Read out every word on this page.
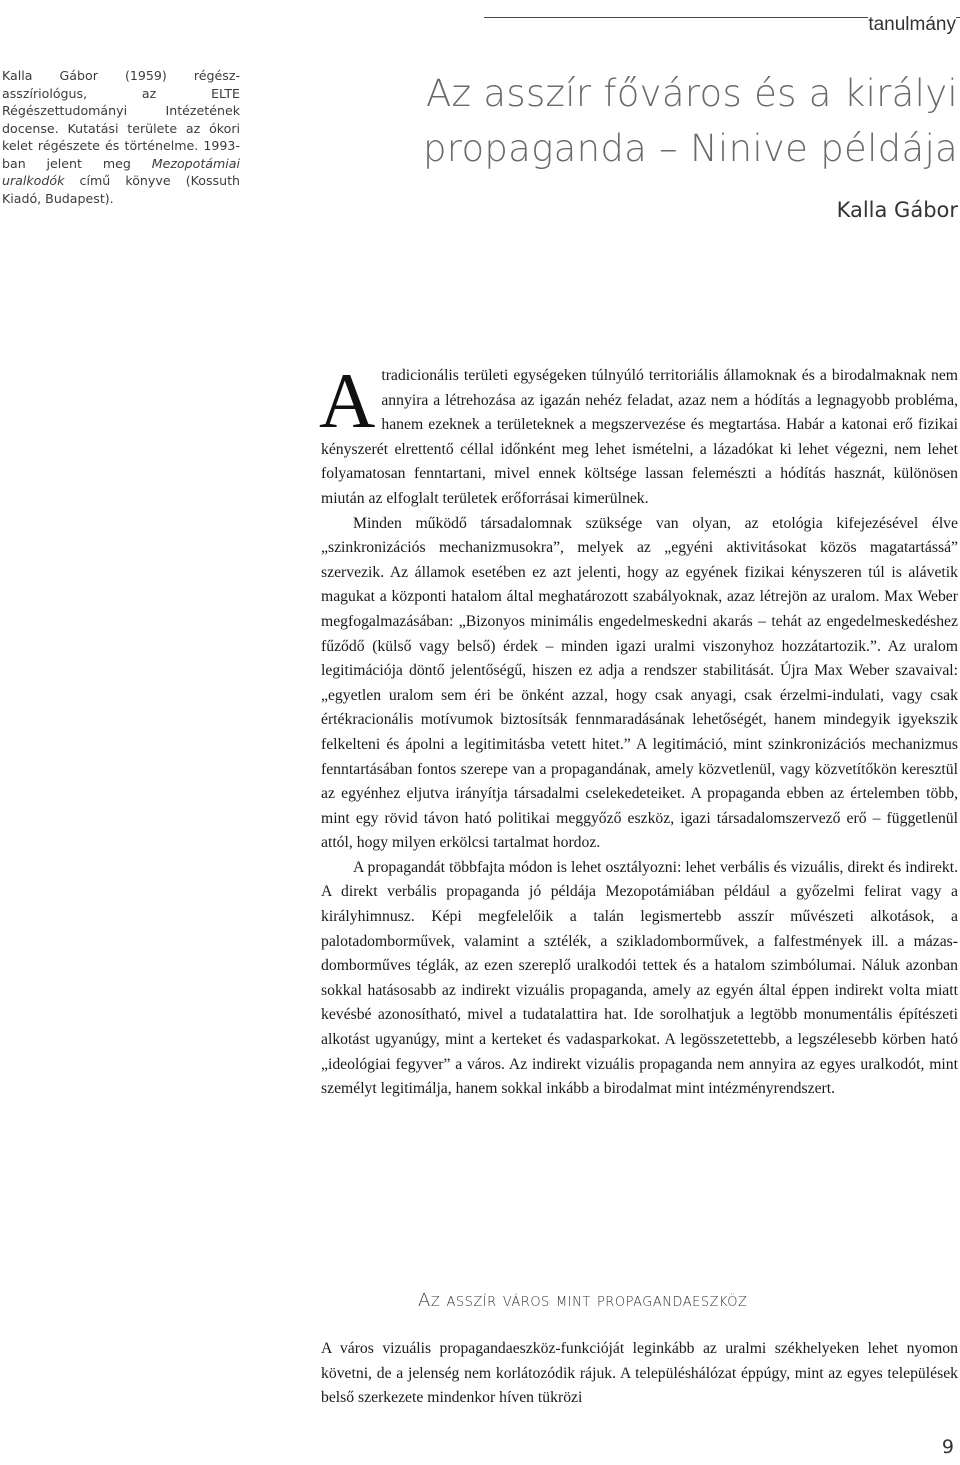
tanulmány
Kalla Gábor (1959) régész-asszíriológus, az ELTE Régészettudományi Intézetének docense. Kutatási területe az ókori kelet régészete és történelme. 1993-ban jelent meg Mezopotámiai uralkodók című könyve (Kossuth Kiadó, Budapest).
Az asszír főváros és a királyi propaganda – Ninive példája

Kalla Gábor

Atradicionális területi egységeken túlnyúló territoriális államoknak és a birodalmaknak nem annyira a létrehozása az igazán nehéz feladat, azaz nem a hódítás a legnagyobb probléma, hanem ezeknek a területeknek a megszervezése és megtartása. Habár a katonai erő fizikai kényszerét elrettentő céllal időnként meg lehet ismételni, a lázadókat ki lehet végezni, nem lehet folyamatosan fenntartani, mivel ennek költsége lassan felemészti a hódítás hasznát, különösen miután az elfoglalt területek erőforrásai kimerülnek.

Minden működő társadalomnak szüksége van olyan, az etológia kifejezésével élve „szinkronizációs mechanizmusokra”, melyek az „egyéni aktivitásokat közös magatartássá” szervezik. Az államok esetében ez azt jelenti, hogy az egyének fizikai kényszeren túl is alávetik magukat a központi hatalom által meghatározott szabályoknak, azaz létrejön az uralom. Max Weber megfogalmazásában: „Bizonyos minimális engedelmeskedni akarás – tehát az engedelmeskedéshez fűződő (külső vagy belső) érdek – minden igazi uralmi viszonyhoz hozzátartozik.”. Az uralom legitimációja döntő jelentőségű, hiszen ez adja a rendszer stabilitását. Újra Max Weber szavaival: „egyetlen uralom sem éri be önként azzal, hogy csak anyagi, csak érzelmi-indulati, vagy csak értékracionális motívumok biztosítsák fennmaradásának lehetőségét, hanem mindegyik igyekszik felkelteni és ápolni a legitimitásba vetett hitet.” A legitimáció, mint szinkronizációs mechanizmus fenntartásában fontos szerepe van a propagandának, amely közvetlenül, vagy közvetítőkön keresztül az egyénhez eljutva irányítja társadalmi cselekedeteiket. A propaganda ebben az értelemben több, mint egy rövid távon ható politikai meggyőző eszköz, igazi társadalomszervező erő – függetlenül attól, hogy milyen erkölcsi tartalmat hordoz.

A propagandát többfajta módon is lehet osztályozni: lehet verbális és vizuális, direkt és indirekt. A direkt verbális propaganda jó példája Mezopotámiában például a győzelmi felirat vagy a királyhimnusz. Képi megfelelőik a talán legismertebb asszír művészeti alkotások, a palotadomborművek, valamint a sztélék, a szikladomborművek, a falfestmények ill. a mázas-domborműves téglák, az ezen szereplő uralkodói tettek és a hatalom szimbólumai. Náluk azonban sokkal hatásosabb az indirekt vizuális propaganda, amely az egyén által éppen indirekt volta miatt kevésbé azonosítható, mivel a tudatalattira hat. Ide sorolhatjuk a legtöbb monumentális építészeti alkotást ugyanúgy, mint a kerteket és vadasparkokat. A legösszetettebb, a legszélesebb körben ható „ideológiai fegyver” a város. Az indirekt vizuális propaganda nem annyira az egyes uralkodót, mint személyt legitimálja, hanem sokkal inkább a birodalmat mint intézményrendszert.

Az asszír város mint propagandaeszköz

A város vizuális propagandaeszköz-funkcióját leginkább az uralmi székhelyeken lehet nyomon követni, de a jelenség nem korlátozódik rájuk. A településhálózat éppúgy, mint az egyes települések belső szerkezete mindenkor híven tükrözi

9
